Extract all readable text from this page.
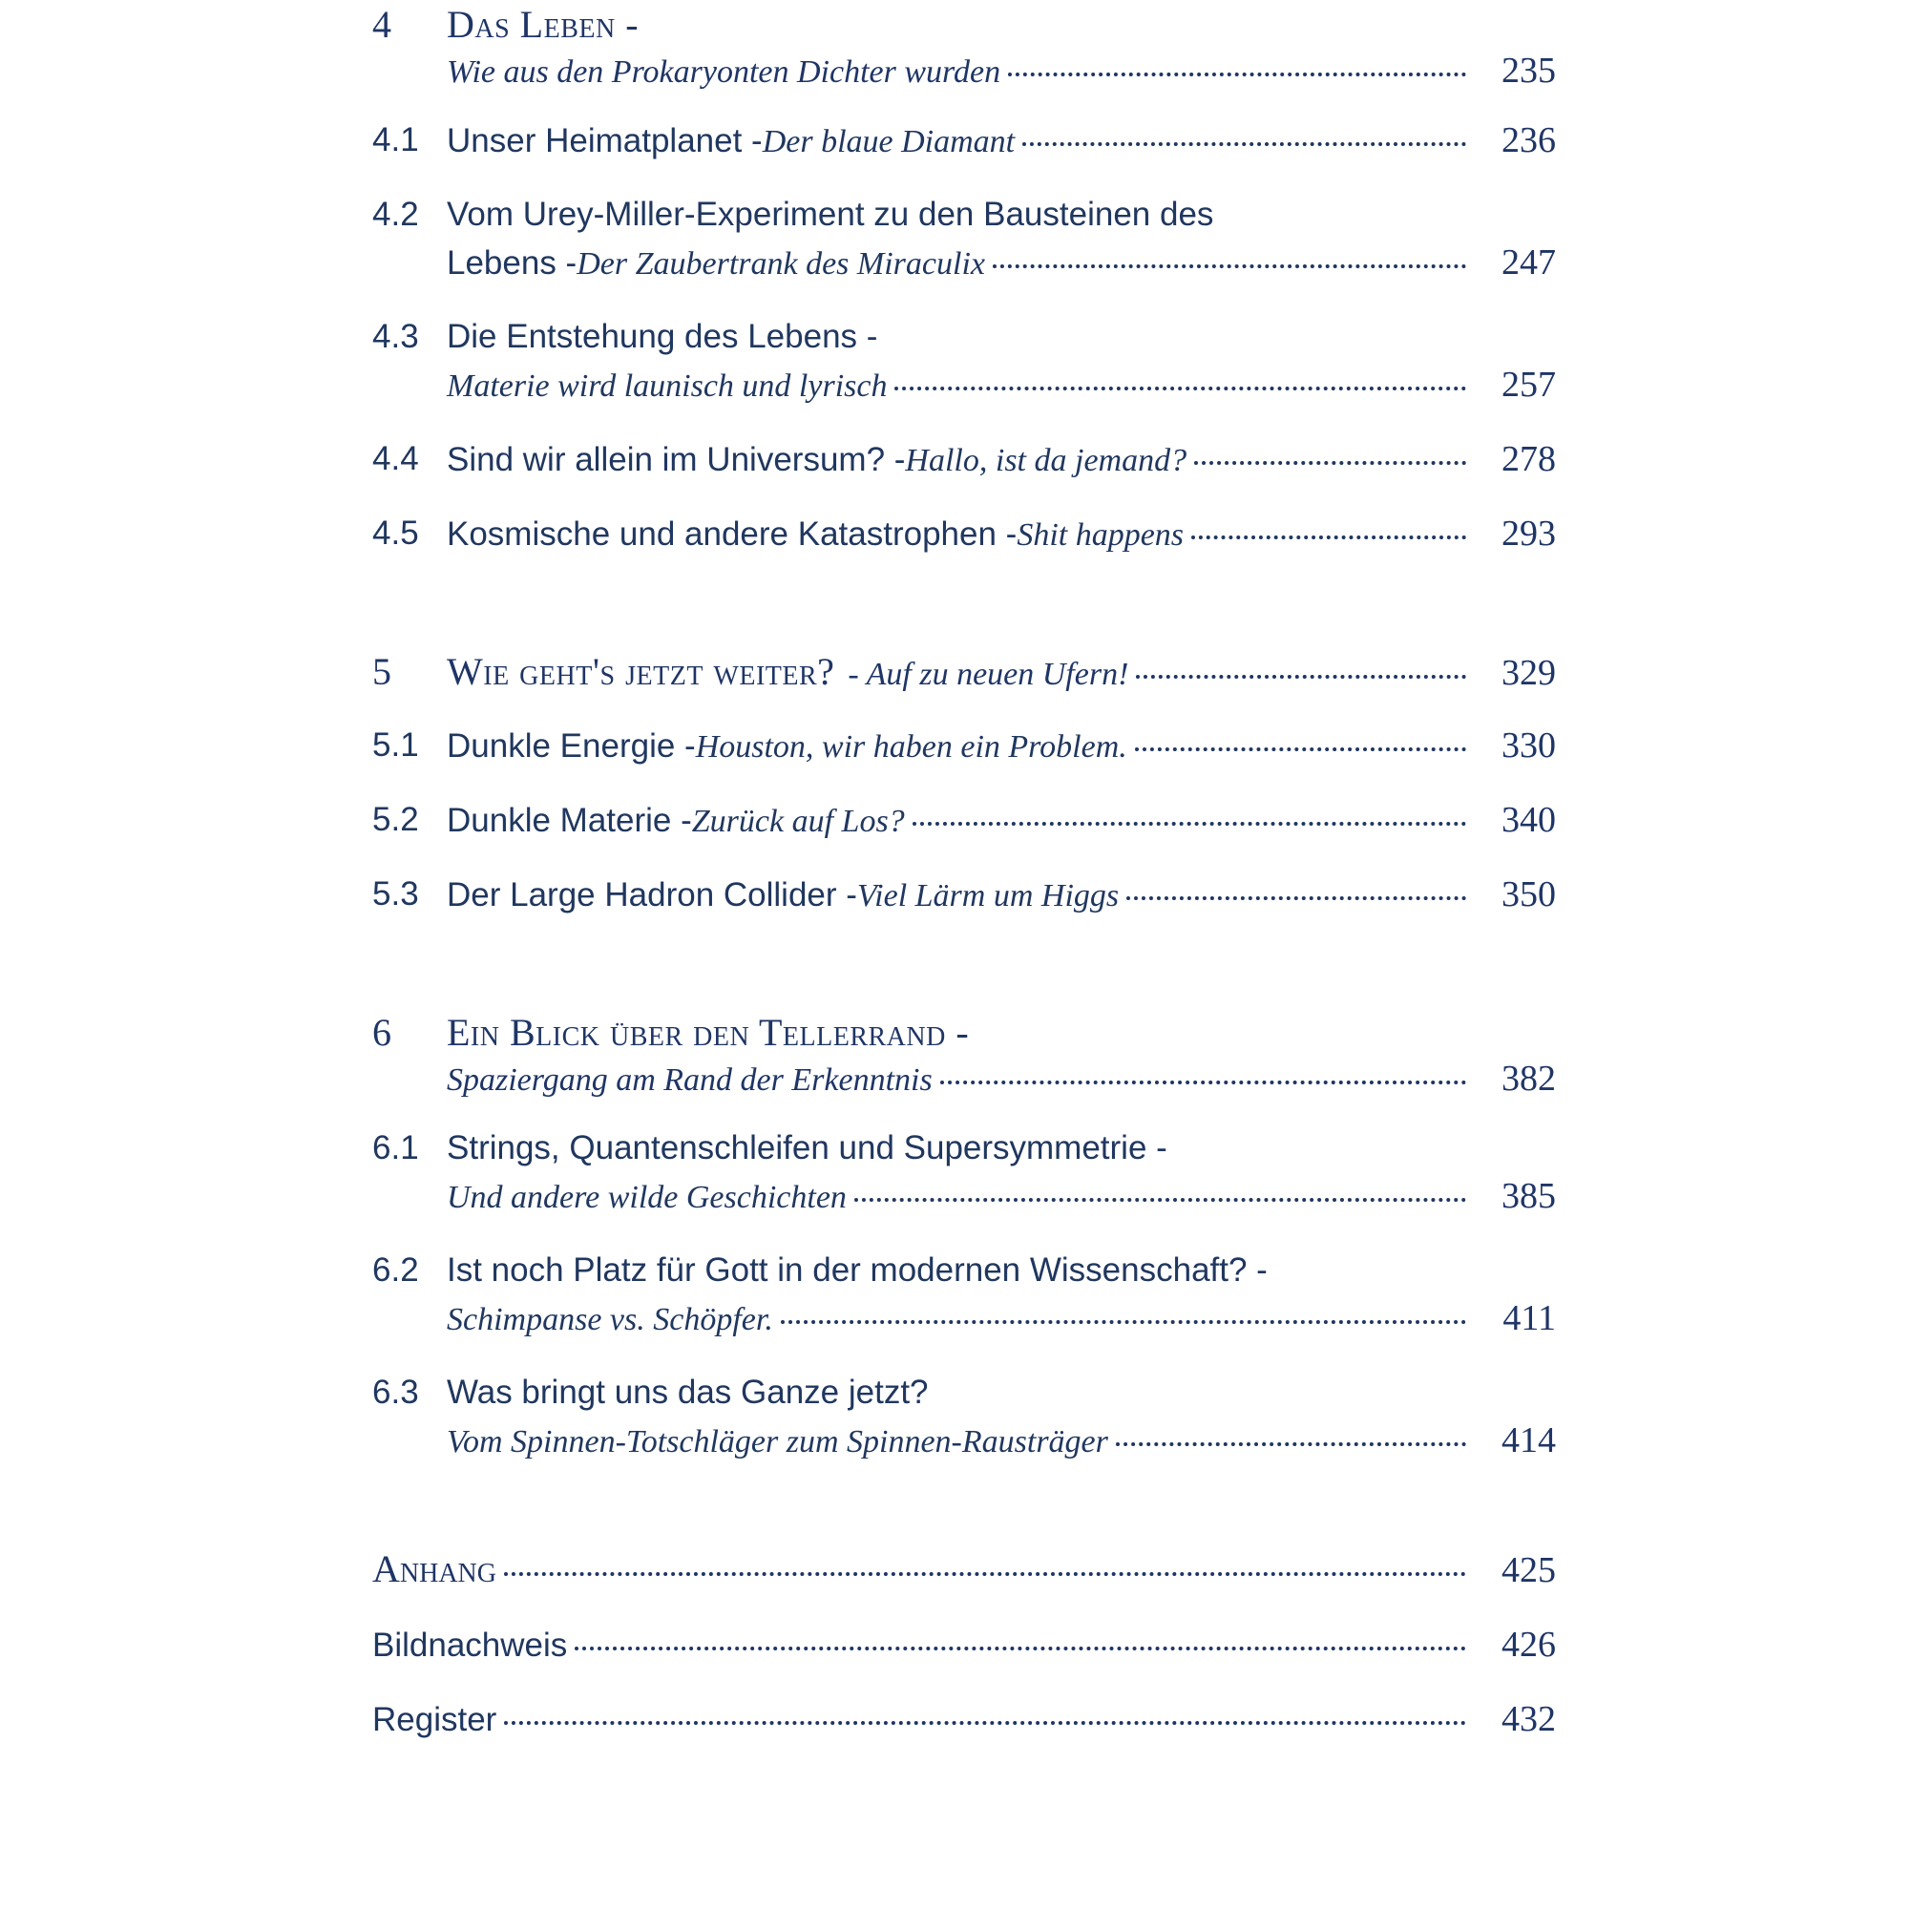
4	Das Leben -
Wie aus den Prokaryonten Dichter wurden	235
4.1 Unser Heimatplanet - Der blaue Diamant	236
4.2 Vom Urey-Miller-Experiment zu den Bausteinen des
Lebens - Der Zaubertrank des Miraculix	247
4.3 Die Entstehung des Lebens -
Materie wird launisch und lyrisch	257
4.4 Sind wir allein im Universum? - Hallo, ist da jemand?	278
4.5 Kosmische und andere Katastrophen - Shit happens	293
5	Wie geht's jetzt weiter? - Auf zu neuen Ufern!	329
5.1 Dunkle Energie - Houston, wir haben ein Problem.	330
5.2 Dunkle Materie - Zurück auf Los?	340
5.3 Der Large Hadron Collider - Viel Lärm um Higgs	350
6	Ein Blick über den Tellerrand -
Spaziergang am Rand der Erkenntnis	382
6.1 Strings, Quantenschleifen und Supersymmetrie -
Und andere wilde Geschichten	385
6.2 Ist noch Platz für Gott in der modernen Wissenschaft? -
Schimpanse vs. Schöpfer.	411
6.3 Was bringt uns das Ganze jetzt?
Vom Spinnen-Totschläger zum Spinnen-Rausträger	414
Anhang	425
Bildnachweis	426
Register	432
